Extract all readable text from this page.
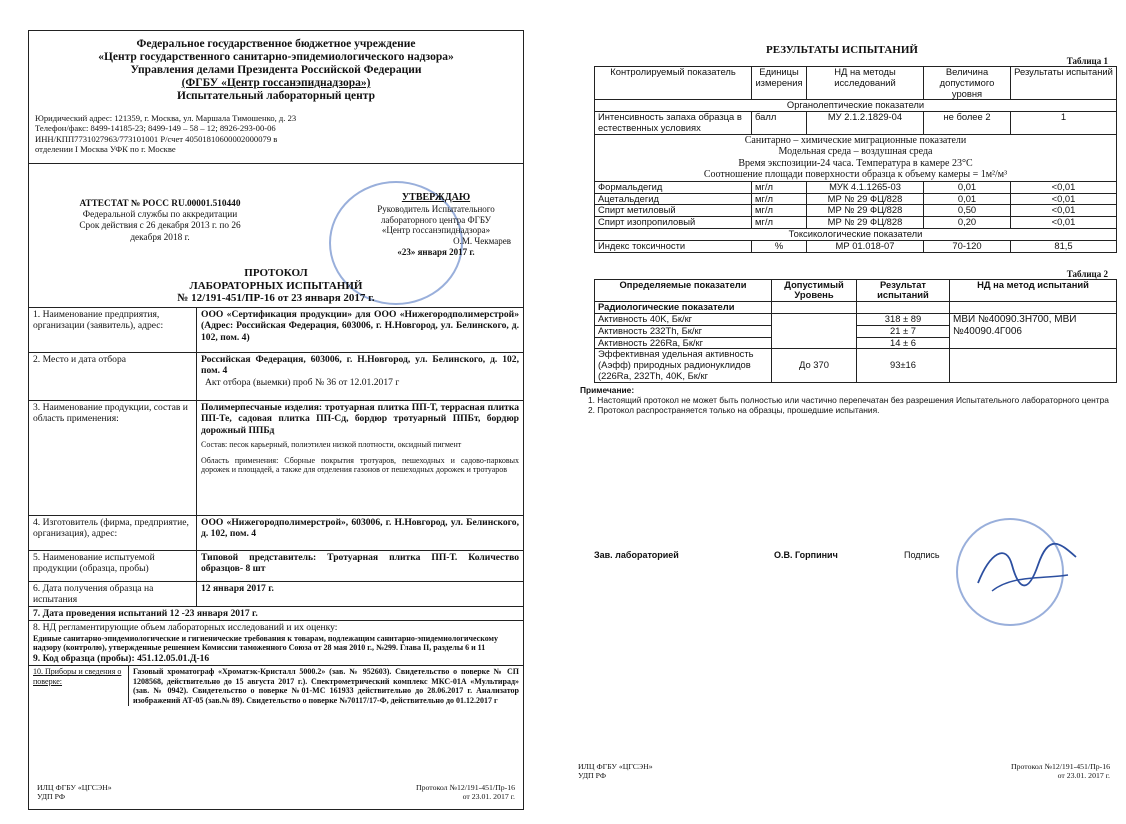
Федеральное государственное бюджетное учреждение
«Центр государственного санитарно-эпидемиологического надзора»
Управления делами Президента Российской Федерации
(ФГБУ «Центр госсанэпиднадзора»)
Испытательный лабораторный центр
Юридический адрес: 121359, г. Москва, ул. Маршала Тимошенко, д. 23
Телефон/факс: 8499-14185-23; 8499-149 – 58 – 12; 8926-293-00-06
ИНН/КПП7731027963/773101001 Р/счет 40501810600002000079 в
отделении I Москва УФК по г. Москве
АТТЕСТАТ № РОСС RU.00001.510440
Федеральной службы по аккредитации
Срок действия с 26 декабря 2013 г. по 26
декабря 2018 г.
УТВЕРЖДАЮ
Руководитель Испытательного
лабораторного центра ФГБУ
«Центр госсанэпиднадзора»
О.М. Чекмарев
«23» января 2017 г.
ПРОТОКОЛ
ЛАБОРАТОРНЫХ ИСПЫТАНИЙ
№ 12/191-451/ПР-16 от 23 января 2017 г.
1. Наименование предприятия, организации (заявитель), адрес:
ООО «Сертификация продукции» для ООО «Нижегородполимерстрой» (Адрес: Российская Федерация, 603006, г. Н.Новгород, ул. Белинского, д. 102, пом. 4)
2. Место и дата отбора	Российская Федерация, 603006, г. Н.Новгород, ул. Белинского, д. 102, пом. 4
Акт отбора (выемки) проб № 36 от 12.01.2017 г
3. Наименование продукции, состав и область применения:
Полимерпесчаные изделия: тротуарная плитка ПП-Т, террасная плитка ПП-Те, садовая плитка ПП-Сд, бордюр тротуарный ППБт, бордюр дорожный ППБд
Состав: песок карьерный, полиэтилен низкой плотности, оксидный пигмент
Область применения: Сборные покрытия тротуаров, пешеходных и садово-парковых дорожек и площадей, а также для отделения газонов от пешеходных дорожек и тротуаров
4. Изготовитель (фирма, предприятие, организация), адрес:
ООО «Нижегородполимерстрой», 603006, г. Н.Новгород, ул. Белинского, д. 102, пом. 4
5. Наименование испытуемой продукции (образца, пробы)
Типовой представитель: Тротуарная плитка ПП-Т. Количество образцов- 8 шт
6. Дата получения образца на испытания
12 января 2017 г.
7. Дата проведения испытаний 12 -23 января 2017 г.
8. НД регламентирующие объем лабораторных исследований и их оценку:
Единые санитарно-эпидемиологические и гигиенические требования к товарам, подлежащим санитарно-эпидемиологическому надзору (контролю), утвержденные решением Комиссии таможенного Союза от 28 мая 2010 г., №299. Глава II, разделы 6 и 11
9. Код образца (пробы): 451.12.05.01.Д-16
10. Приборы и сведения о поверке:
Газовый хроматограф «Хроматэк-Кристалл 5000.2» (зав. № 952603). Свидетельство о поверке № СП 1208568, действительно до 15 августа 2017 г.). Спектрометрический комплекс МКС-01А «Мультирад» (зав. № 0942). Свидетельство о поверке №01-МС 161933 действительно до 28.06.2017 г. Анализатор изображений АТ-05 (зав.№ 89). Свидетельство о поверке №70117/17-Ф, действительно до 01.12.2017 г
ИЛЦ ФГБУ «ЦГСЭН»
УДП РФ
Протокол №12/191-451/Пр-16
от 23.01. 2017 г.
РЕЗУЛЬТАТЫ ИСПЫТАНИЙ
Таблица 1
Контролируемый показатель	Единицы измерения	НД на методы исследований	Величина допустимого уровня	Результаты испытаний
Органолептические показатели				
Интенсивность запаха образца в естественных условиях	балл	МУ 2.1.2.1829-04	не более 2	1

Санитарно – химические миграционные показатели
Модельная среда – воздушная среда
Время экспозиции-24 часа. Температура в камере 23°С
Соотношение площади поверхности образца к объему камеры = 1м²/м³				

Формальдегид	мг/л	МУК 4.1.1265-03	0,01	<0,01
Ацетальдегид	мг/л	МР № 29 ФЦ/828	0,01	<0,01
Спирт метиловый	мг/л	МР № 29 ФЦ/828	0,50	<0,01
Спирт изопропиловый	мг/л	МР № 29 ФЦ/828	0,20	<0,01
Токсикологические показатели				
Индекс токсичности	%	МР 01.018-07	70-120	81,5
Таблица 2
Определяемые показатели	Допустимый Уровень	Результат испытаний	НД на метод испытаний
Радиологические показатели			
Активность 40K, Бк/кг		318 ± 89	МВИ №40090.3Н700, МВИ №40090.4Г006
Активность 232Th, Бк/кг		21 ± 7	
Активность 226Ra, Бк/кг		14 ± 6	
Эффективная удельная активность (Аэфф) природных радионуклидов (226Ra, 232Th, 40K, Бк/кг	До 370	93±16	
Примечание:
1. Настоящий протокол не может быть полностью или частично перепечатан без разрешения Испытательного лабораторного центра
2. Протокол распространяется только на образцы, прошедшие испытания.
Зав. лабораторией	О.В. Горпинич	Подпись
ИЛЦ ФГБУ «ЦГСЭН»
УДП РФ
Протокол №12/191-451/Пр-16
от 23.01. 2017 г.
